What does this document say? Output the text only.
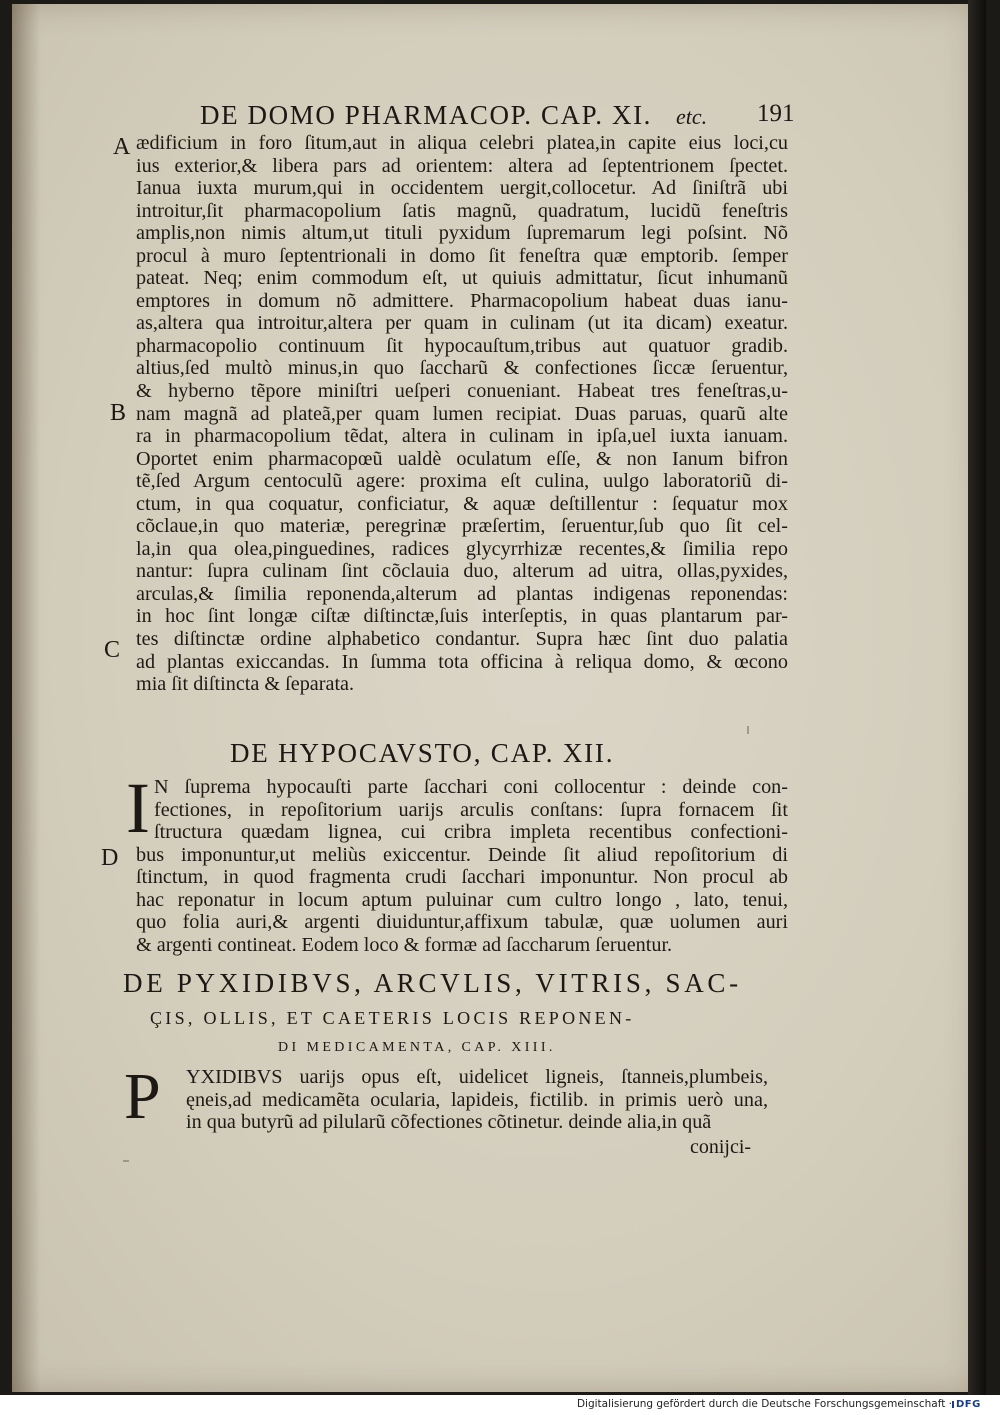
DE DOMO PHARMACOP. CAP. XI. etc. 191
A
B
C
D
ædificium in foro ſitum,aut in aliqua celebri platea,in capite eius loci,cu
ius exterior,& libera pars ad orientem: altera ad ſeptentrionem ſpectet.
Ianua iuxta murum,qui in occidentem uergit,collocetur. Ad ſiniſtrã ubi
introitur,ſit pharmacopolium ſatis magnũ, quadratum, lucidũ feneſtris
amplis,non nimis altum,ut tituli pyxidum ſupremarum legi poſsint. Nõ
procul à muro ſeptentrionali in domo ſit feneſtra quæ emptorib. ſemper
pateat. Neq; enim commodum eſt, ut quiuis admittatur, ſicut inhumanũ
emptores in domum nõ admittere. Pharmacopolium habeat duas ianu-
as,altera qua introitur,altera per quam in culinam (ut ita dicam) exeatur.
pharmacopolio continuum ſit hypocauſtum,tribus aut quatuor gradib.
altius,ſed multò minus,in quo ſaccharũ & confectiones ſiccæ ſeruentur,
& hyberno tẽpore miniſtri ueſperi conueniant. Habeat tres feneſtras,u-
nam magnã ad plateã,per quam lumen recipiat. Duas paruas, quarũ alte
ra in pharmacopolium tẽdat, altera in culinam in ipſa,uel iuxta ianuam.
Oportet enim pharmacopœũ ualdè oculatum eſſe, & non Ianum bifron
tẽ,ſed Argum centoculũ agere: proxima eſt culina, uulgo laboratoriũ di-
ctum, in qua coquatur, conficiatur, & aquæ deſtillentur : ſequatur mox
cõclaue,in quo materiæ, peregrinæ præſertim, ſeruentur,ſub quo ſit cel-
la,in qua olea,pinguedines, radices glycyrrhizæ recentes,& ſimilia repo
nantur: ſupra culinam ſint cõclauia duo, alterum ad uitra, ollas,pyxides,
arculas,& ſimilia reponenda,alterum ad plantas indigenas reponendas:
in hoc ſint longæ ciſtæ diſtinctæ,ſuis interſeptis, in quas plantarum par-
tes diſtinctæ ordine alphabetico condantur. Supra hæc ſint duo palatia
ad plantas exiccandas. In ſumma tota officina à reliqua domo, & œcono
mia ſit diſtincta & ſeparata.
DE HYPOCAVSTO, CAP. XII.
I N ſuprema hypocauſti parte ſacchari coni collocentur : deinde con-
fectiones, in repoſitorium uarijs arculis conſtans: ſupra fornacem ſit
ſtructura quædam lignea, cui cribra impleta recentibus confectioni-
bus imponuntur,ut meliùs exiccentur. Deinde ſit aliud repoſitorium di
ſtinctum, in quod fragmenta crudi ſacchari imponuntur. Non procul ab
hac reponatur in locum aptum puluinar cum cultro longo , lato, tenui,
quo folia auri,& argenti diuiduntur,affixum tabulæ, quæ uolumen auri
& argenti contineat. Eodem loco & formæ ad ſaccharum ſeruentur.
DE PYXIDIBVS, ARCVLIS, VITRIS, SAC-
ÇIS, OLLIS, ET CAETERIS LOCIS REPONEN-
DI MEDICAMENTA, CAP. XIII.
P YXIDIBVS uarijs opus eſt, uidelicet ligneis, ſtanneis,plumbeis,
ęneis,ad medicamẽta ocularia, lapideis, fictilib. in primis uerò una,
in qua butyrũ ad pilularũ cõfectiones cõtinetur. deinde alia,in quã
conijci-
Digitalisierung gefördert durch die Deutsche Forschungsgemeinschaft · DFG
